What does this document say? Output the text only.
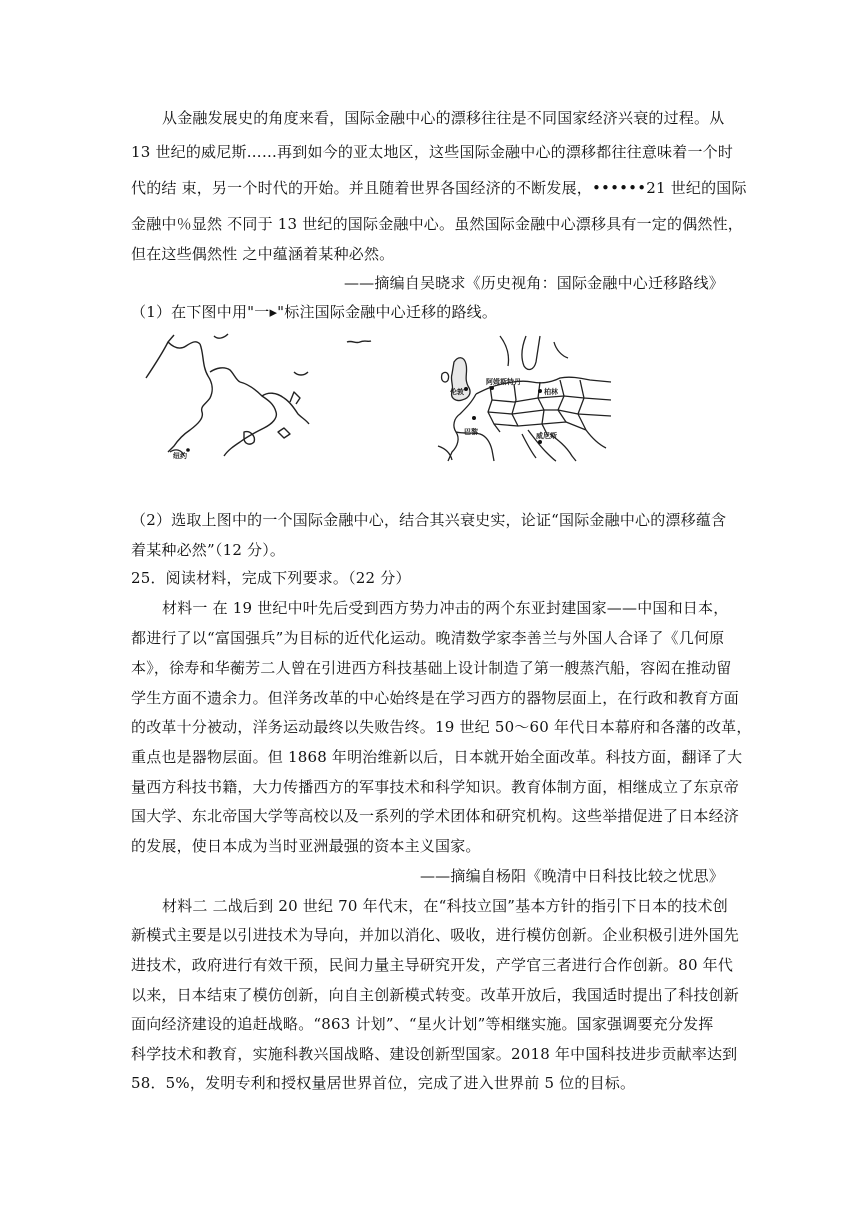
从金融发展史的角度来看，国际金融中心的漂移往往是不同国家经济兴衰的过程。从
13 世纪的威尼斯……再到如今的亚太地区，这些国际金融中心的漂移都往往意味着一个时
代的结 束，另一个时代的开始。并且随着世界各国经济的不断发展，••••••21 世纪的国际
金融中％显然 不同于 13 世纪的国际金融中心。虽然国际金融中心漂移具有一定的偶然性，
但在这些偶然性 之中蕴涵着某种必然。
——摘编自吴晓求《历史视角：国际金融中心迁移路线》
（1）在下图中用"一▸"标注国际金融中心迁移的路线。
纽约
阿姆斯特丹
伦敦	柏林
巴黎	威尼斯
（2）选取上图中的一个国际金融中心，结合其兴衰史实，论证“国际金融中心的漂移蕴含
着某种必然”（12 分）。
25．阅读材料，完成下列要求。（22 分）
材料一 在 19 世纪中叶先后受到西方势力冲击的两个东亚封建国家——中国和日本，
都进行了以“富国强兵”为目标的近代化运动。晚清数学家李善兰与外国人合译了《几何原
本》，徐寿和华蘅芳二人曾在引进西方科技基础上设计制造了第一艘蒸汽船，容闳在推动留
学生方面不遗余力。但洋务改革的中心始终是在学习西方的器物层面上，在行政和教育方面
的改革十分被动，洋务运动最终以失败告终。19 世纪 50～60 年代日本幕府和各藩的改革，
重点也是器物层面。但 1868 年明治维新以后，日本就开始全面改革。科技方面，翻译了大
量西方科技书籍，大力传播西方的军事技术和科学知识。教育体制方面，相继成立了东京帝
国大学、东北帝国大学等高校以及一系列的学术团体和研究机构。这些举措促进了日本经济
的发展，使日本成为当时亚洲最强的资本主义国家。
——摘编自杨阳《晚清中日科技比较之忧思》
材料二 二战后到 20 世纪 70 年代末，在“科技立国”基本方针的指引下日本的技术创
新模式主要是以引进技术为导向，并加以消化、吸收，进行模仿创新。企业积极引进外国先
进技术，政府进行有效干预，民间力量主导研究开发，产学官三者进行合作创新。80 年代
以来，日本结束了模仿创新，向自主创新模式转变。改革开放后，我国适时提出了科技创新
面向经济建设的追赶战略。“863 计划”、“星火计划”等相继实施。国家强调要充分发挥
科学技术和教育，实施科教兴国战略、建设创新型国家。2018 年中国科技进步贡献率达到
58．5%，发明专利和授权量居世界首位，完成了进入世界前 5 位的目标。
